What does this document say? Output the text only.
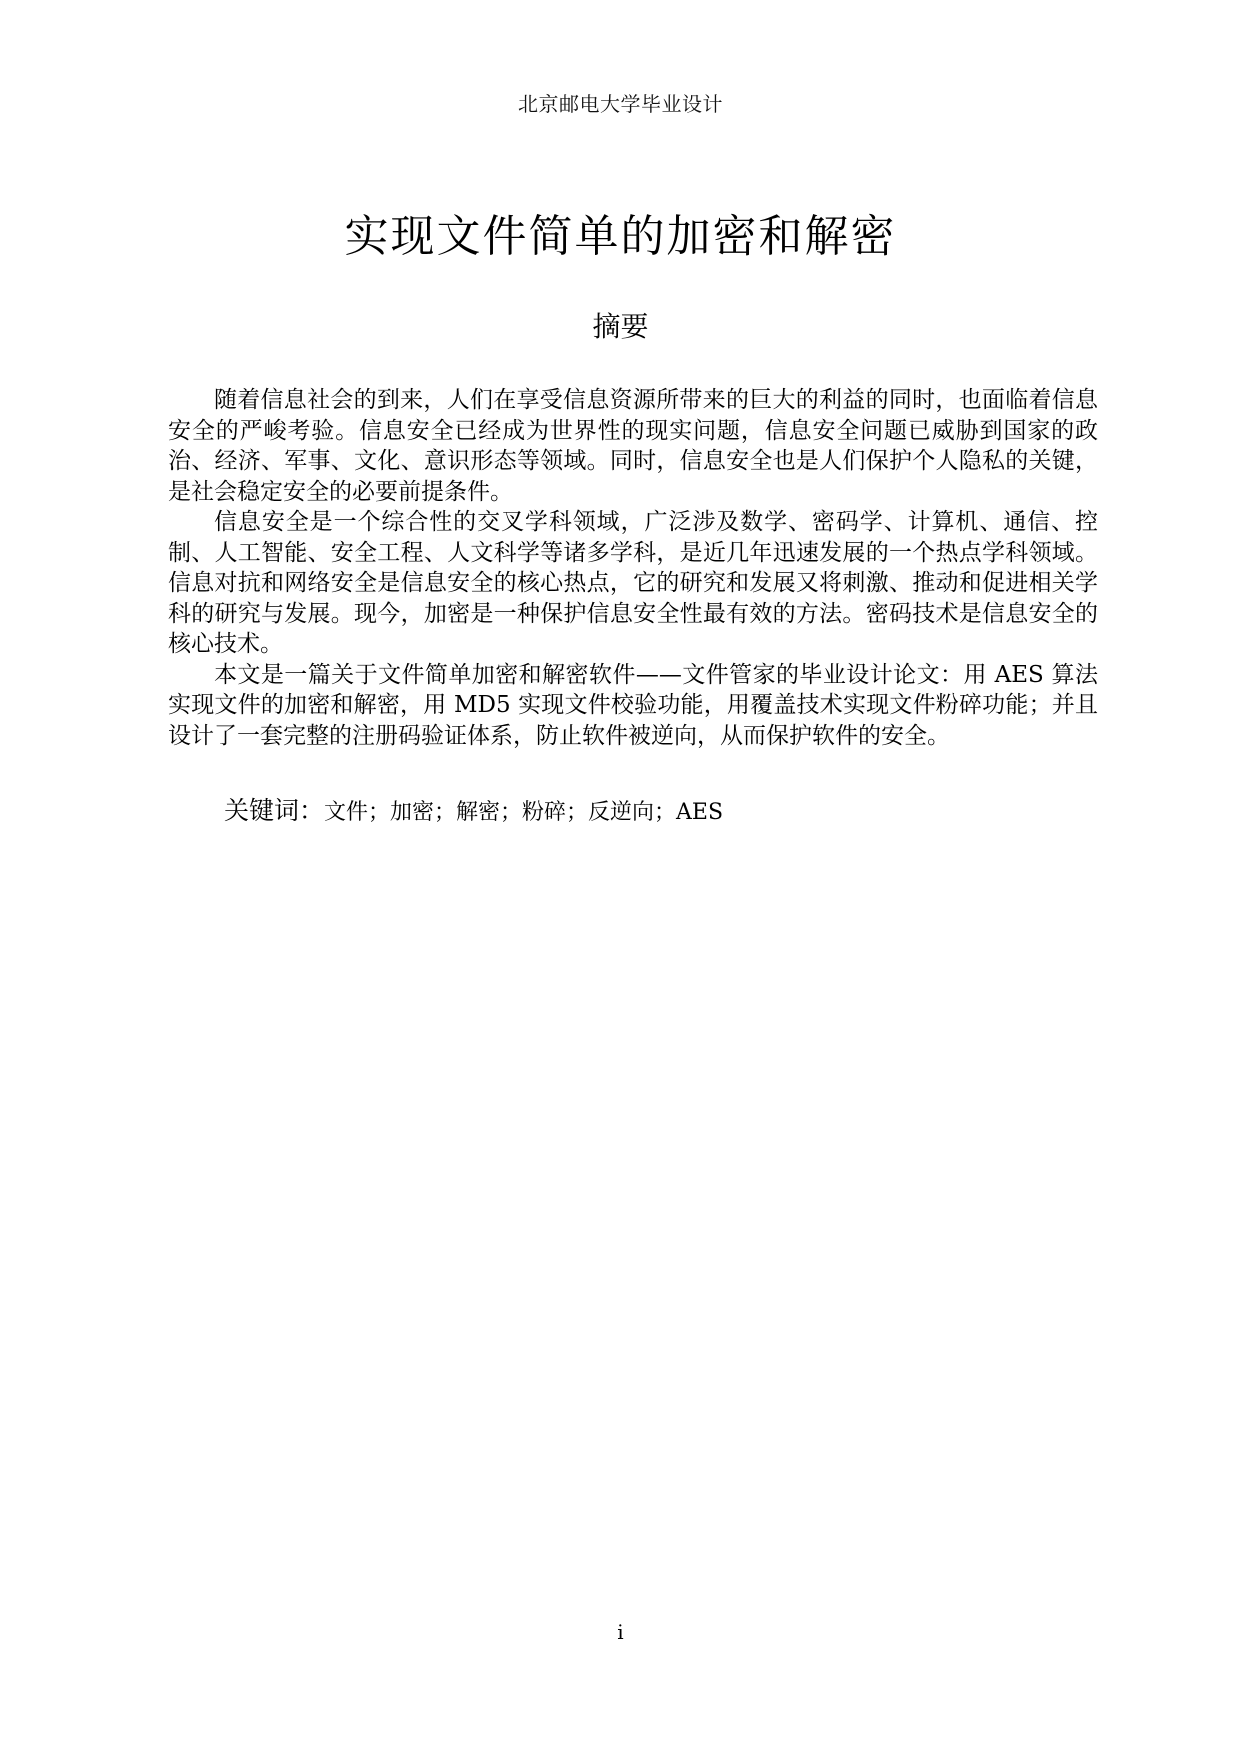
北京邮电大学毕业设计
实现文件简单的加密和解密
摘要

随着信息社会的到来，人们在享受信息资源所带来的巨大的利益的同时，也面临着信息安全的严峻考验。信息安全已经成为世界性的现实问题，信息安全问题已威胁到国家的政治、经济、军事、文化、意识形态等领域。同时，信息安全也是人们保护个人隐私的关键，是社会稳定安全的必要前提条件。

信息安全是一个综合性的交叉学科领域，广泛涉及数学、密码学、计算机、通信、控制、人工智能、安全工程、人文科学等诸多学科，是近几年迅速发展的一个热点学科领域。信息对抗和网络安全是信息安全的核心热点，它的研究和发展又将刺激、推动和促进相关学科的研究与发展。现今，加密是一种保护信息安全性最有效的方法。密码技术是信息安全的核心技术。

本文是一篇关于文件简单加密和解密软件——文件管家的毕业设计论文：用 AES 算法实现文件的加密和解密，用 MD5 实现文件校验功能，用覆盖技术实现文件粉碎功能；并且设计了一套完整的注册码验证体系，防止软件被逆向，从而保护软件的安全。

关键词：文件；加密；解密；粉碎；反逆向；AES
i
